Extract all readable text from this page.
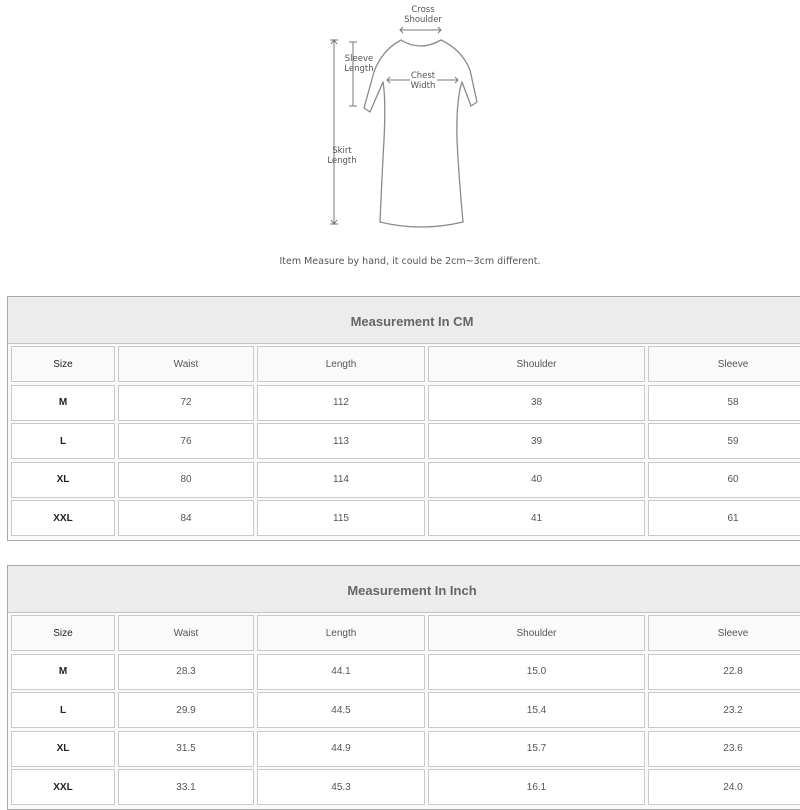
Cross
Shoulder
Sleeve
Length
Chest
Width
Skirt
Length
Item Measure by hand, it could be 2cm~3cm different.
Measurement In CM
Size	Waist	Length	Shoulder	Sleeve
M	72	112	38	58
L	76	113	39	59
XL	80	114	40	60
XXL	84	115	41	61
Measurement In Inch
Size	Waist	Length	Shoulder	Sleeve
M	28.3	44.1	15.0	22.8
L	29.9	44.5	15.4	23.2
XL	31.5	44.9	15.7	23.6
XXL	33.1	45.3	16.1	24.0
